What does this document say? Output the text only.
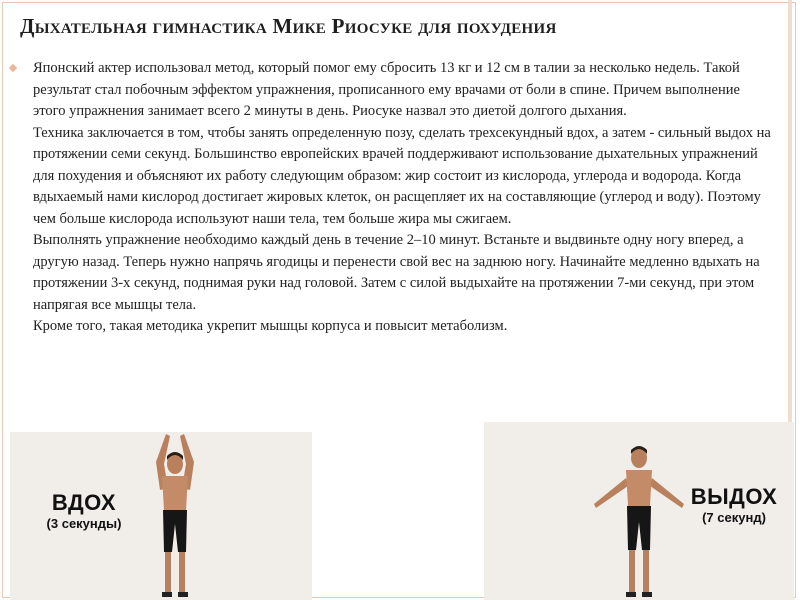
Дыхательная гимнастика Мике Риосуке для похудения

Японский актер использовал метод, который помог ему сбросить 13 кг и 12 см в талии за несколько недель. Такой результат стал побочным эффектом упражнения, прописанного ему врачами от боли в спине. Причем выполнение этого упражнения занимает всего 2 минуты в день. Риосуке назвал это диетой долгого дыхания.

Техника заключается в том, чтобы занять определенную позу, сделать трехсекундный вдох, а затем - сильный выдох на протяжении семи секунд. Большинство европейских врачей поддерживают использование дыхательных упражнений для похудения и объясняют их работу следующим образом: жир состоит из кислорода, углерода и водорода. Когда вдыхаемый нами кислород достигает жировых клеток, он расщепляет их на составляющие (углерод и воду). Поэтому чем больше кислорода используют наши тела, тем больше жира мы сжигаем.

Выполнять упражнение необходимо каждый день в течение 2–10 минут. Встаньте и выдвиньте одну ногу вперед, а другую назад. Теперь нужно напрячь ягодицы и перенести свой вес на заднюю ногу. Начинайте медленно вдыхать на протяжении 3-х секунд, поднимая руки над головой. Затем с силой выдыхайте на протяжении 7-ми секунд, при этом напрягая все мышцы тела.

Кроме того, такая методика укрепит мышцы корпуса и повысит метаболизм.

ВДОХ
(3 секунды)
ВЫДОХ
(7 секунд)
